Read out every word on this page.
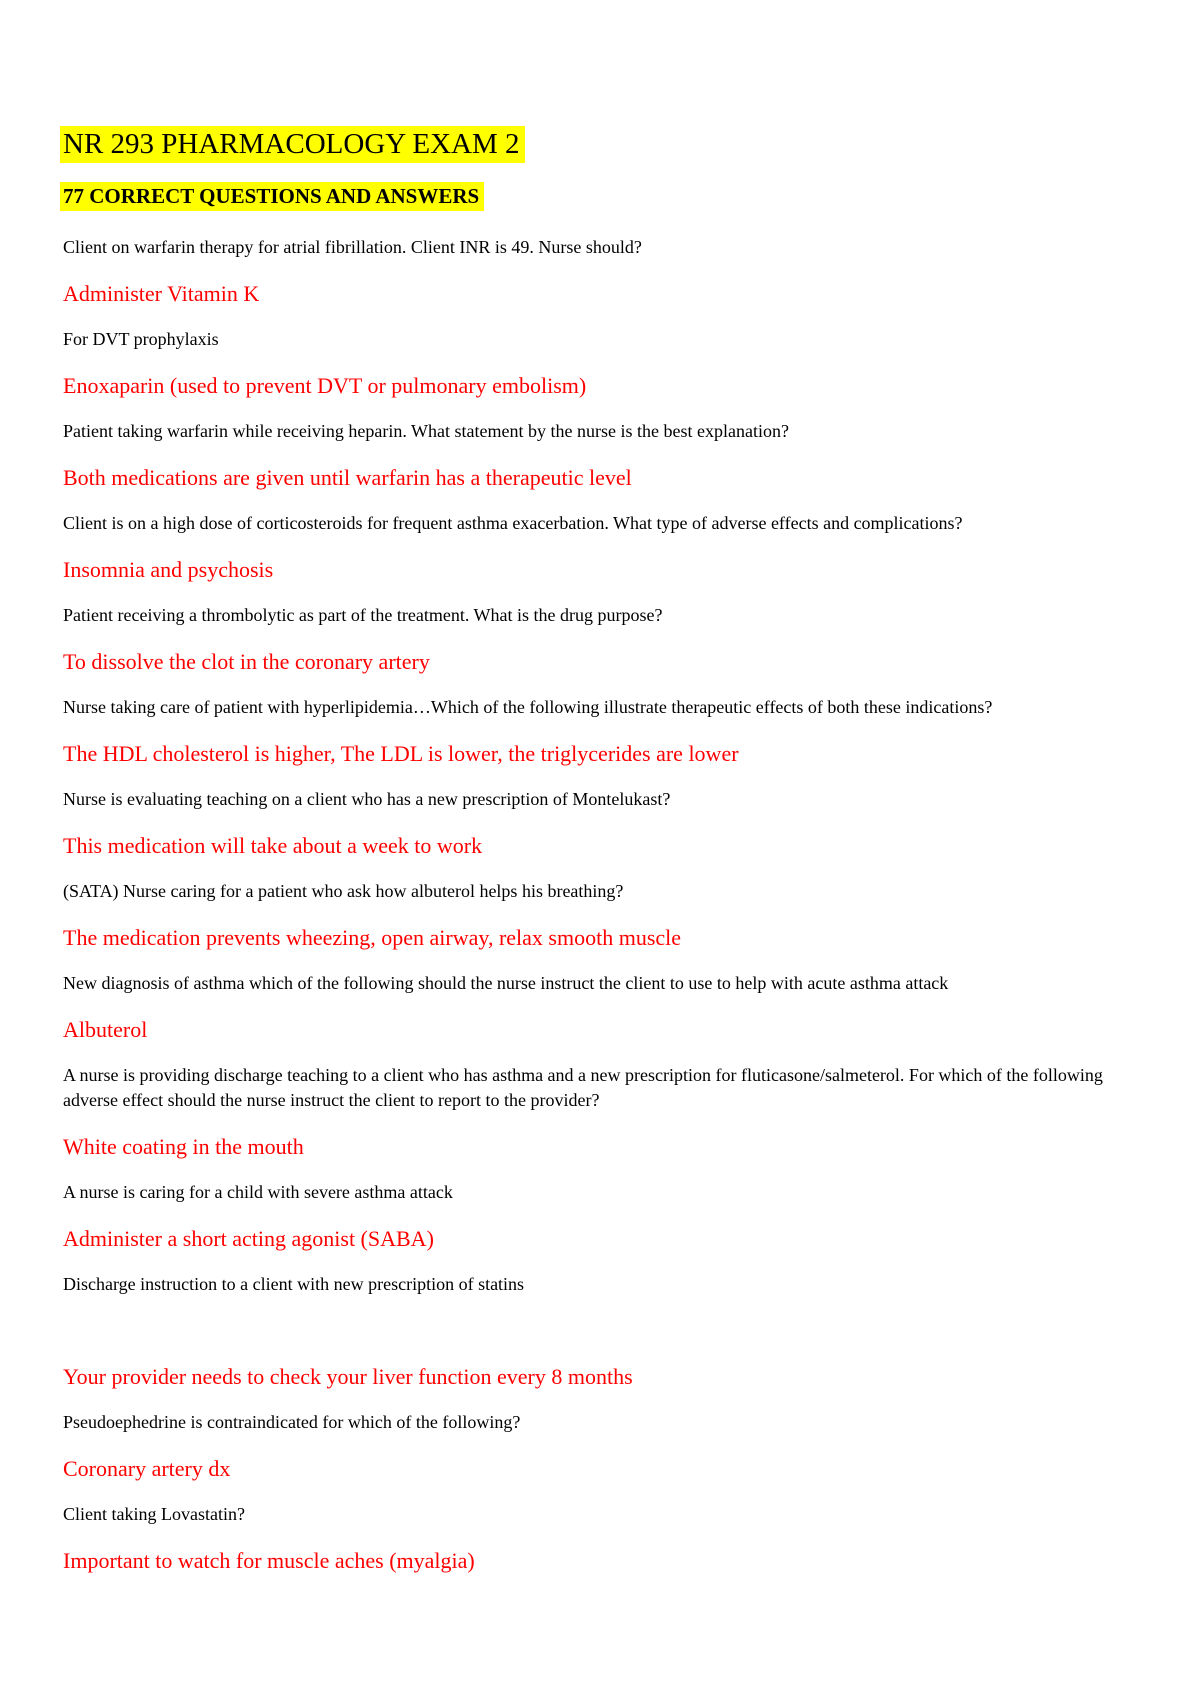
NR 293 PHARMACOLOGY EXAM 2
77 CORRECT QUESTIONS AND ANSWERS

Client on warfarin therapy for atrial fibrillation. Client INR is 49. Nurse should?

Administer Vitamin K

For DVT prophylaxis

Enoxaparin (used to prevent DVT or pulmonary embolism)

Patient taking warfarin while receiving heparin. What statement by the nurse is the best explanation?

Both medications are given until warfarin has a therapeutic level

Client is on a high dose of corticosteroids for frequent asthma exacerbation. What type of adverse effects and complications?

Insomnia and psychosis

Patient receiving a thrombolytic as part of the treatment. What is the drug purpose?

To dissolve the clot in the coronary artery

Nurse taking care of patient with hyperlipidemia…Which of the following illustrate therapeutic effects of both these indications?

The HDL cholesterol is higher, The LDL is lower, the triglycerides are lower

Nurse is evaluating teaching on a client who has a new prescription of Montelukast?

This medication will take about a week to work

(SATA) Nurse caring for a patient who ask how albuterol helps his breathing?

The medication prevents wheezing, open airway, relax smooth muscle

New diagnosis of asthma which of the following should the nurse instruct the client to use to help with acute asthma attack

Albuterol

A nurse is providing discharge teaching to a client who has asthma and a new prescription for fluticasone/salmeterol. For which of the following adverse effect should the nurse instruct the client to report to the provider?

White coating in the mouth

A nurse is caring for a child with severe asthma attack

Administer a short acting agonist (SABA)

Discharge instruction to a client with new prescription of statins

Your provider needs to check your liver function every 8 months

Pseudoephedrine is contraindicated for which of the following?

Coronary artery dx

Client taking Lovastatin?

Important to watch for muscle aches (myalgia)
